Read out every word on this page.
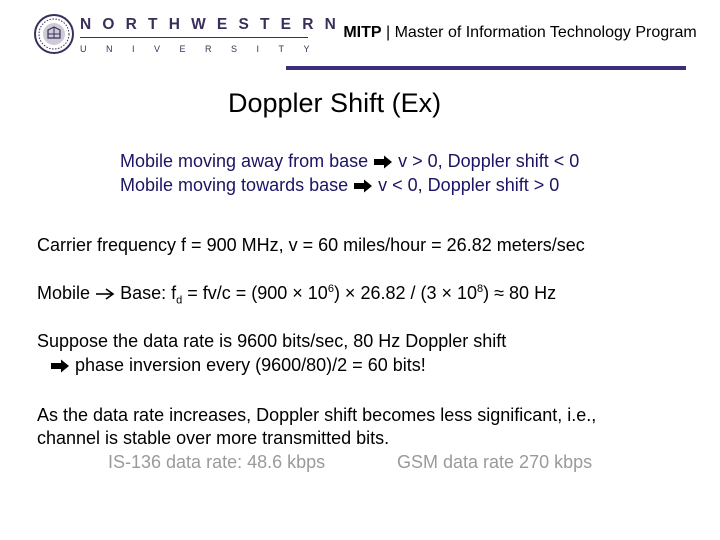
NORTHWESTERN
UNIVERSITY
MITP | Master of Information Technology Program
Doppler Shift (Ex)
Mobile moving away from base v > 0, Doppler shift < 0
Mobile moving towards base v < 0, Doppler shift > 0
Carrier frequency f = 900 MHz, v = 60 miles/hour = 26.82 meters/sec
Mobile Base: $f_d = fv/c = (900 \times 10^6) \times 26.82 / (3 \times 10^8) \approx 80$ Hz
Suppose the data rate is 9600 bits/sec, 80 Hz Doppler shift
phase inversion every (9600/80)/2 = 60 bits!
As the data rate increases, Doppler shift becomes less significant, i.e.,
channel is stable over more transmitted bits.
IS-136 data rate: 48.6 kbps	GSM data rate 270 kbps
